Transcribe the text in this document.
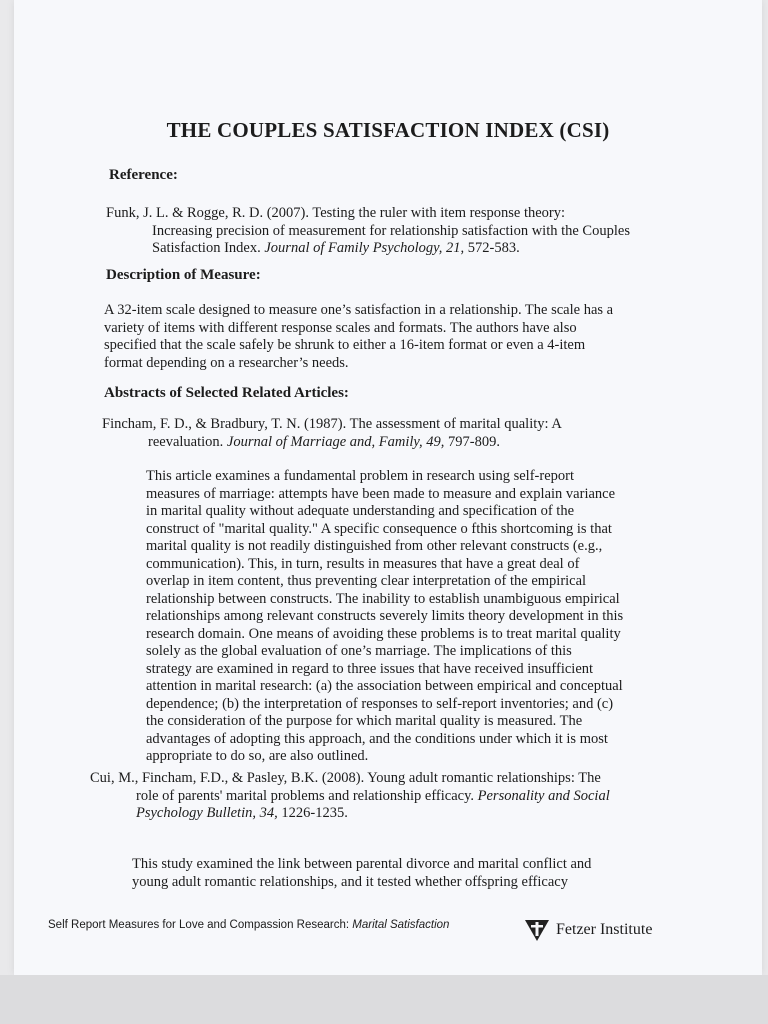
THE COUPLES SATISFACTION INDEX (CSI)
Reference:
Funk, J. L. & Rogge, R. D. (2007). Testing the ruler with item response theory:
Increasing precision of measurement for relationship satisfaction with the Couples
Satisfaction Index. Journal of Family Psychology, 21, 572-583.
Description of Measure:
A 32-item scale designed to measure one’s satisfaction in a relationship. The scale has a
variety of items with different response scales and formats. The authors have also
specified that the scale safely be shrunk to either a 16-item format or even a 4-item
format depending on a researcher’s needs.
Abstracts of Selected Related Articles:
Fincham, F. D., & Bradbury, T. N. (1987). The assessment of marital quality: A
reevaluation. Journal of Marriage and, Family, 49, 797-809.
This article examines a fundamental problem in research using self-report
measures of marriage: attempts have been made to measure and explain variance
in marital quality without adequate understanding and specification of the
construct of "marital quality." A specific consequence o fthis shortcoming is that
marital quality is not readily distinguished from other relevant constructs (e.g.,
communication). This, in turn, results in measures that have a great deal of
overlap in item content, thus preventing clear interpretation of the empirical
relationship between constructs. The inability to establish unambiguous empirical
relationships among relevant constructs severely limits theory development in this
research domain. One means of avoiding these problems is to treat marital quality
solely as the global evaluation of one’s marriage. The implications of this
strategy are examined in regard to three issues that have received insufficient
attention in marital research: (a) the association between empirical and conceptual
dependence; (b) the interpretation of responses to self-report inventories; and (c)
the consideration of the purpose for which marital quality is measured. The
advantages of adopting this approach, and the conditions under which it is most
appropriate to do so, are also outlined.
Cui, M., Fincham, F.D., & Pasley, B.K. (2008). Young adult romantic relationships: The
role of parents' marital problems and relationship efficacy. Personality and Social
Psychology Bulletin, 34, 1226-1235.
This study examined the link between parental divorce and marital conflict and
young adult romantic relationships, and it tested whether offspring efficacy
Self Report Measures for Love and Compassion Research: Marital Satisfaction	Fetzer Institute
